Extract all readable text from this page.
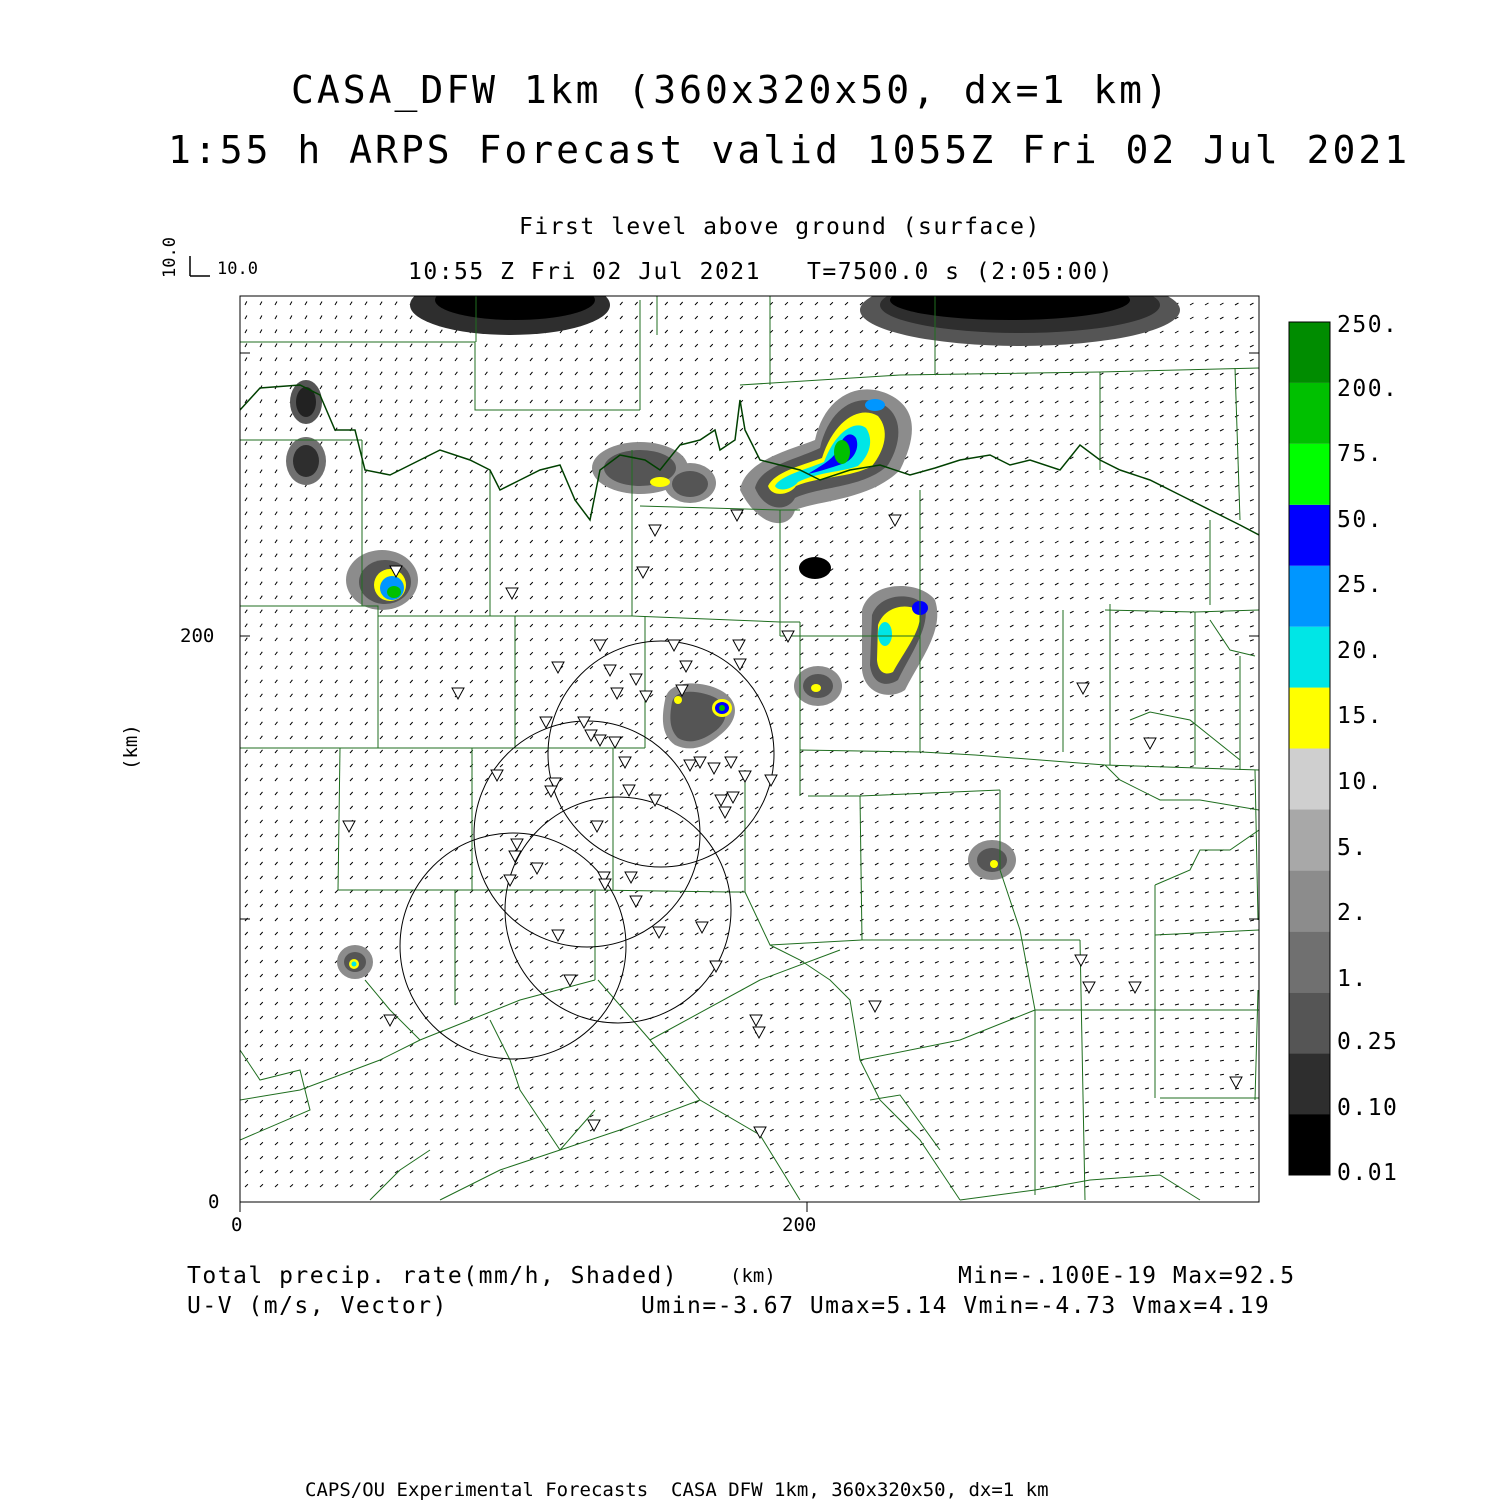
CASA_DFW 1km (360x320x50, dx=1 km)
1:55 h ARPS Forecast valid 1055Z Fri 02 Jul 2021
First level above ground (surface)
10:55 Z Fri 02 Jul 2021   T=7500.0 s (2:05:00)
10.0
10.0
0	200
0
200
(km)
0.01
0.10
0.25
1.
2.
5.
10.
15.
20.
25.
50.
75.
200.
250.
Total precip. rate(mm/h, Shaded)
U-V (m/s, Vector)
(km)	Min=-.100E-19 Max=92.5
Umin=-3.67 Umax=5.14 Vmin=-4.73 Vmax=4.19
CAPS/OU Experimental Forecasts  CASA DFW 1km, 360x320x50, dx=1 km
